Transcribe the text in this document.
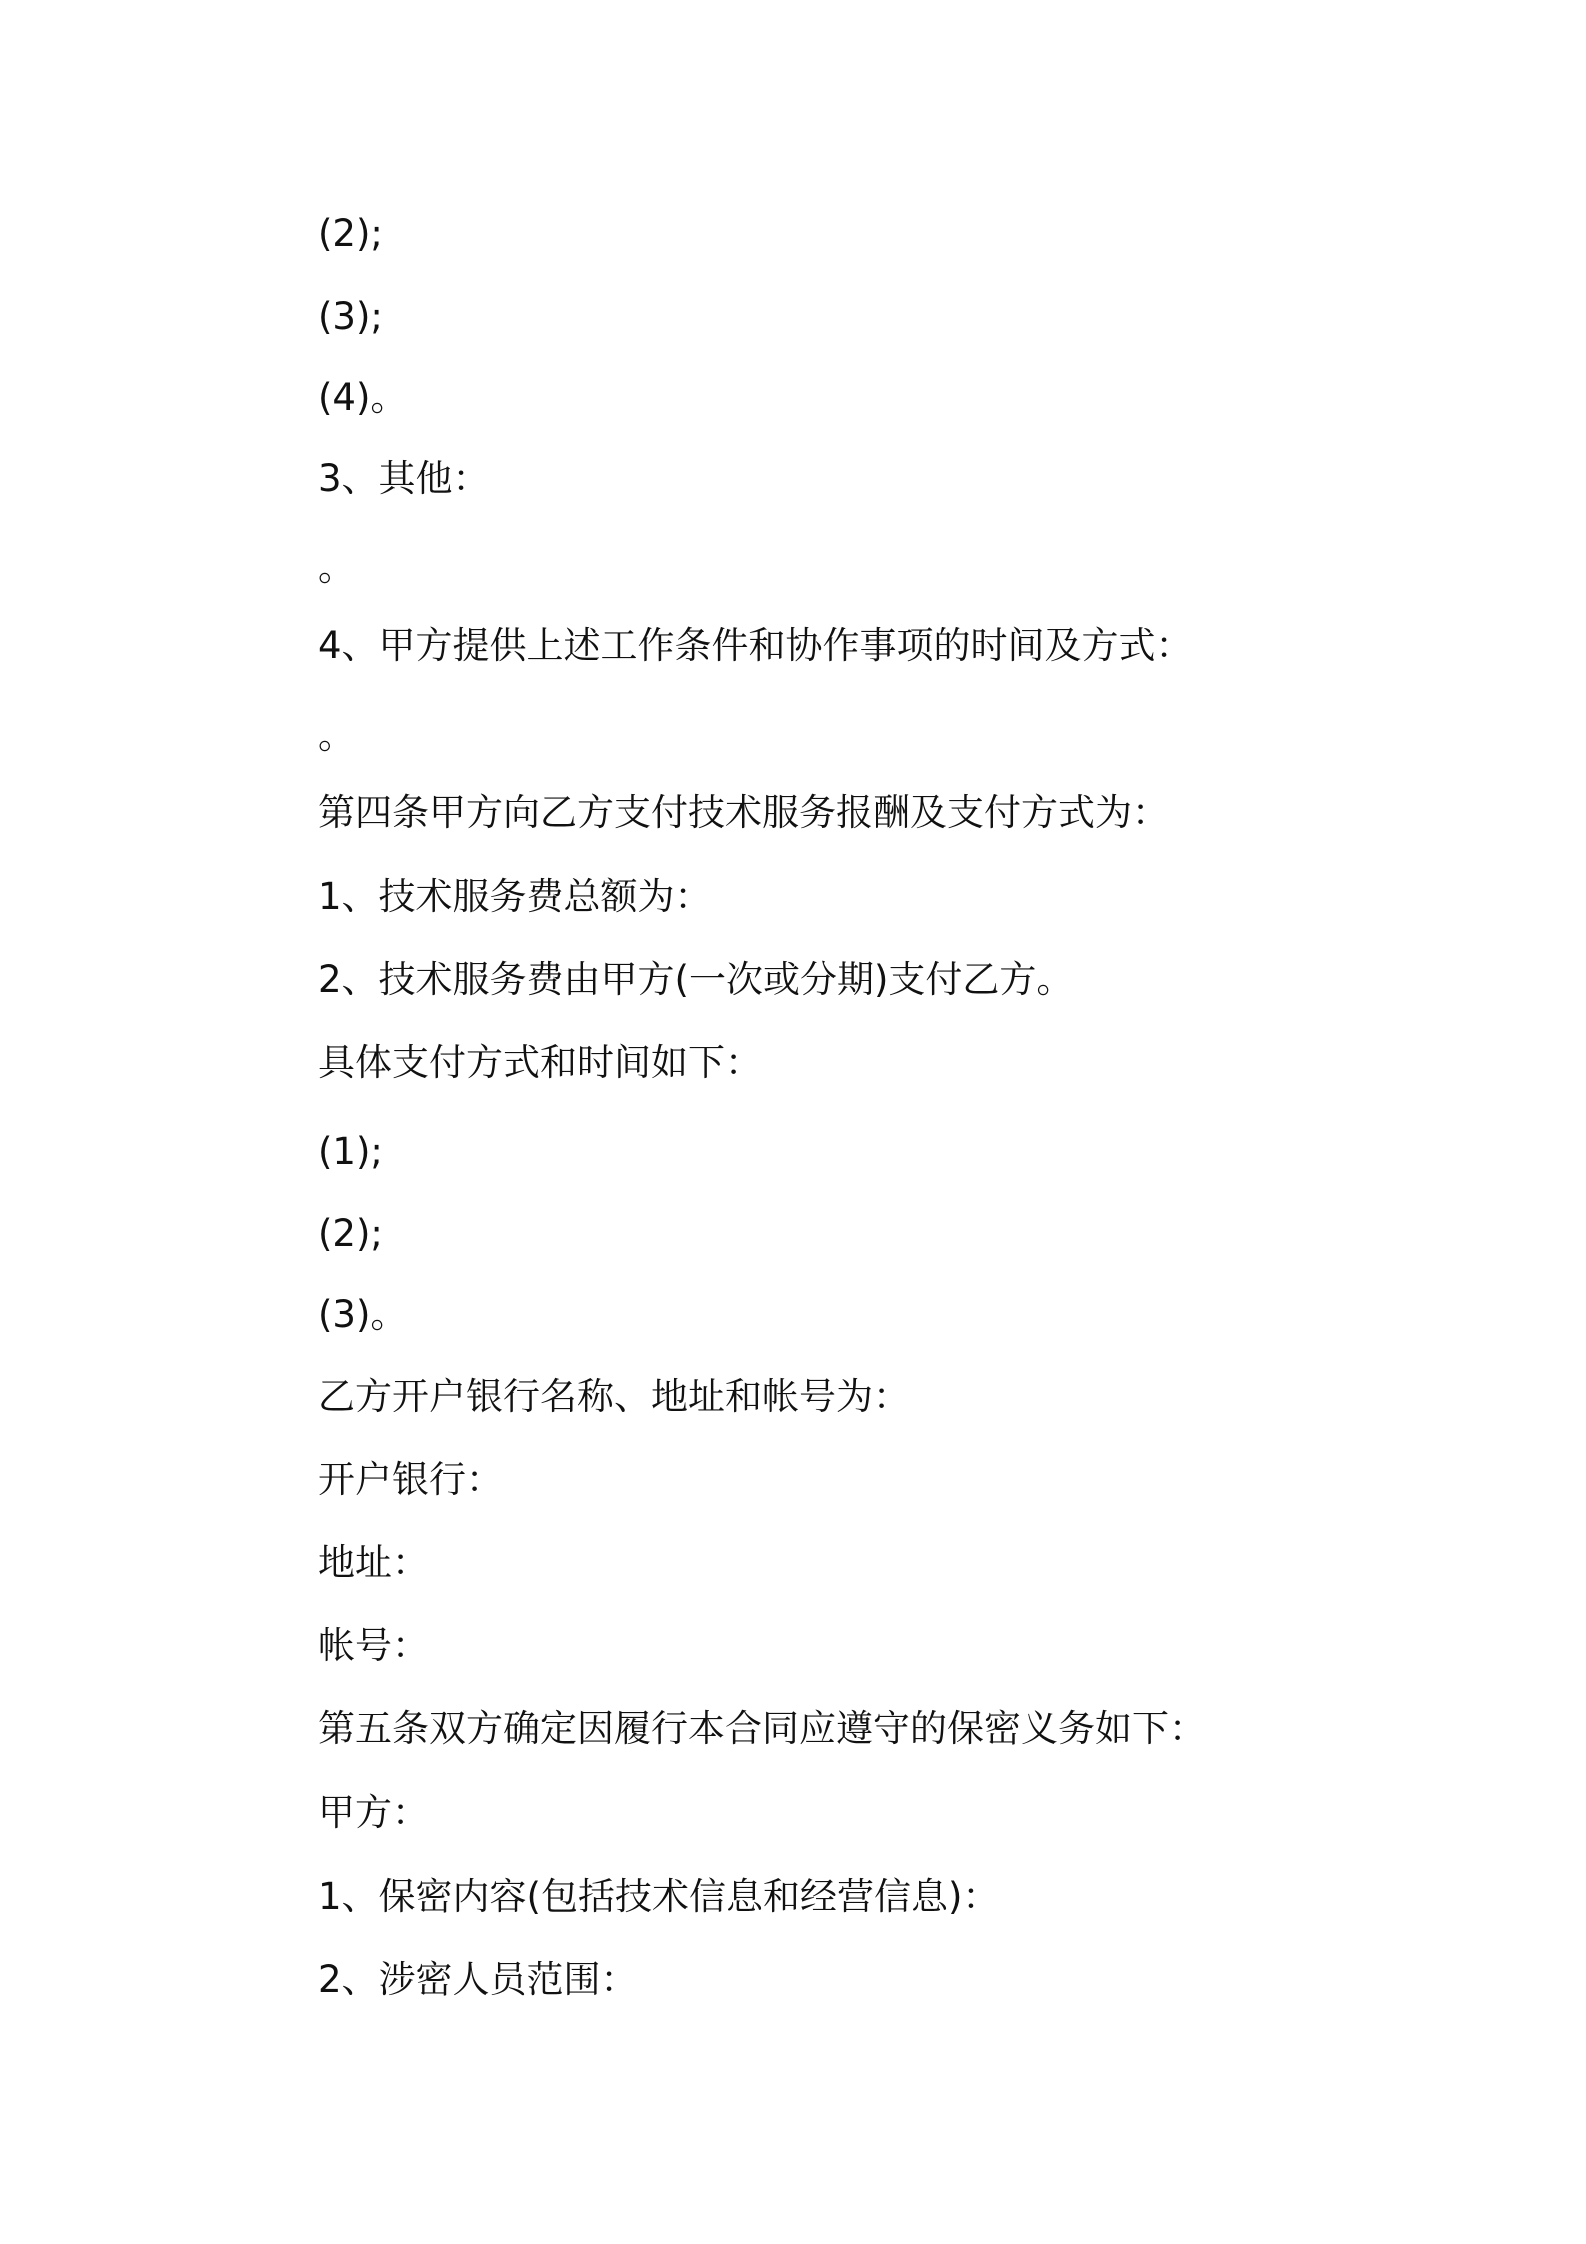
(2);

(3);

(4)。

3、其他：

。

4、甲方提供上述工作条件和协作事项的时间及方式：

。

第四条甲方向乙方支付技术服务报酬及支付方式为：

1、技术服务费总额为：

2、技术服务费由甲方(一次或分期)支付乙方。

具体支付方式和时间如下：

(1);

(2);

(3)。

乙方开户银行名称、地址和帐号为：

开户银行：

地址：

帐号：

第五条双方确定因履行本合同应遵守的保密义务如下：

甲方：

1、保密内容(包括技术信息和经营信息)：

2、涉密人员范围：
